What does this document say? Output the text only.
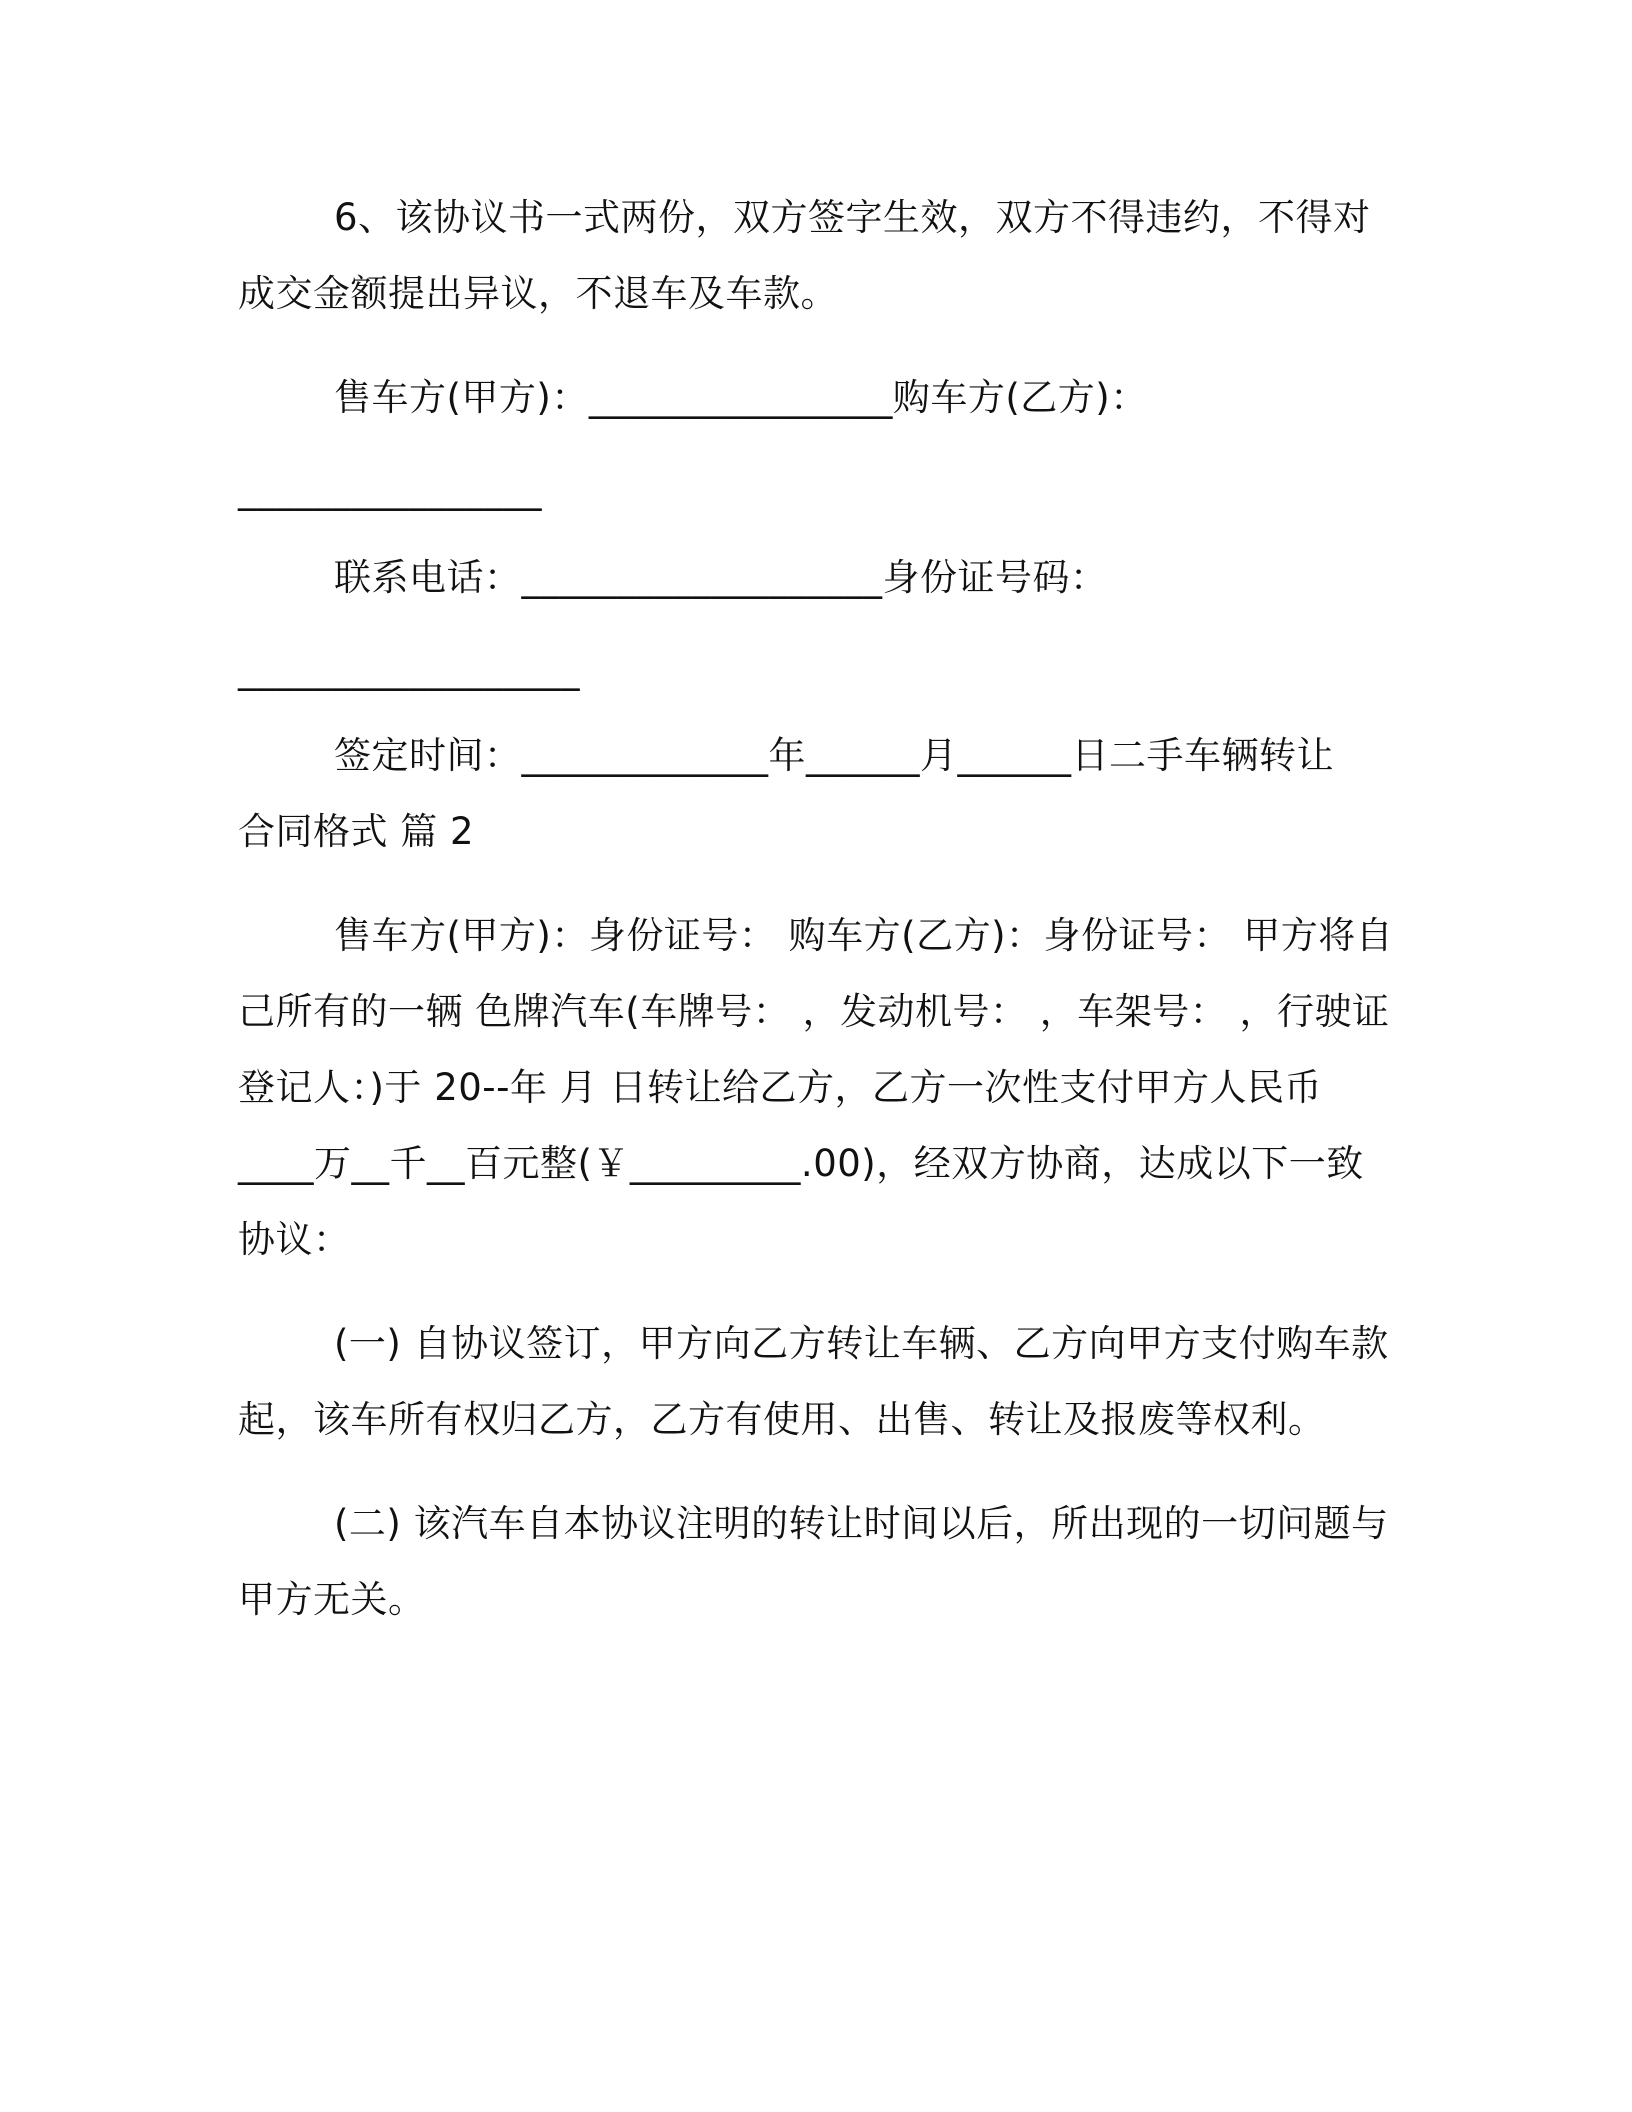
6、该协议书一式两份，双方签字生效，双方不得违约，不得对
成交金额提出异议，不退车及车款。
售车方(甲方)：________________购车方(乙方)：
________________
联系电话：___________________身份证号码：
__________________
签定时间：_____________年______月______日二手车辆转让
合同格式 篇 2
售车方(甲方)：身份证号： 购车方(乙方)：身份证号： 甲方将自
己所有的一辆 色牌汽车(车牌号： ，发动机号： ，车架号： ，行驶证
登记人：)于 20--年 月 日转让给乙方，乙方一次性支付甲方人民币
____万__千__百元整(￥_________.00)，经双方协商，达成以下一致
协议：
(一) 自协议签订，甲方向乙方转让车辆、乙方向甲方支付购车款
起，该车所有权归乙方，乙方有使用、出售、转让及报废等权利。
(二) 该汽车自本协议注明的转让时间以后，所出现的一切问题与
甲方无关。
